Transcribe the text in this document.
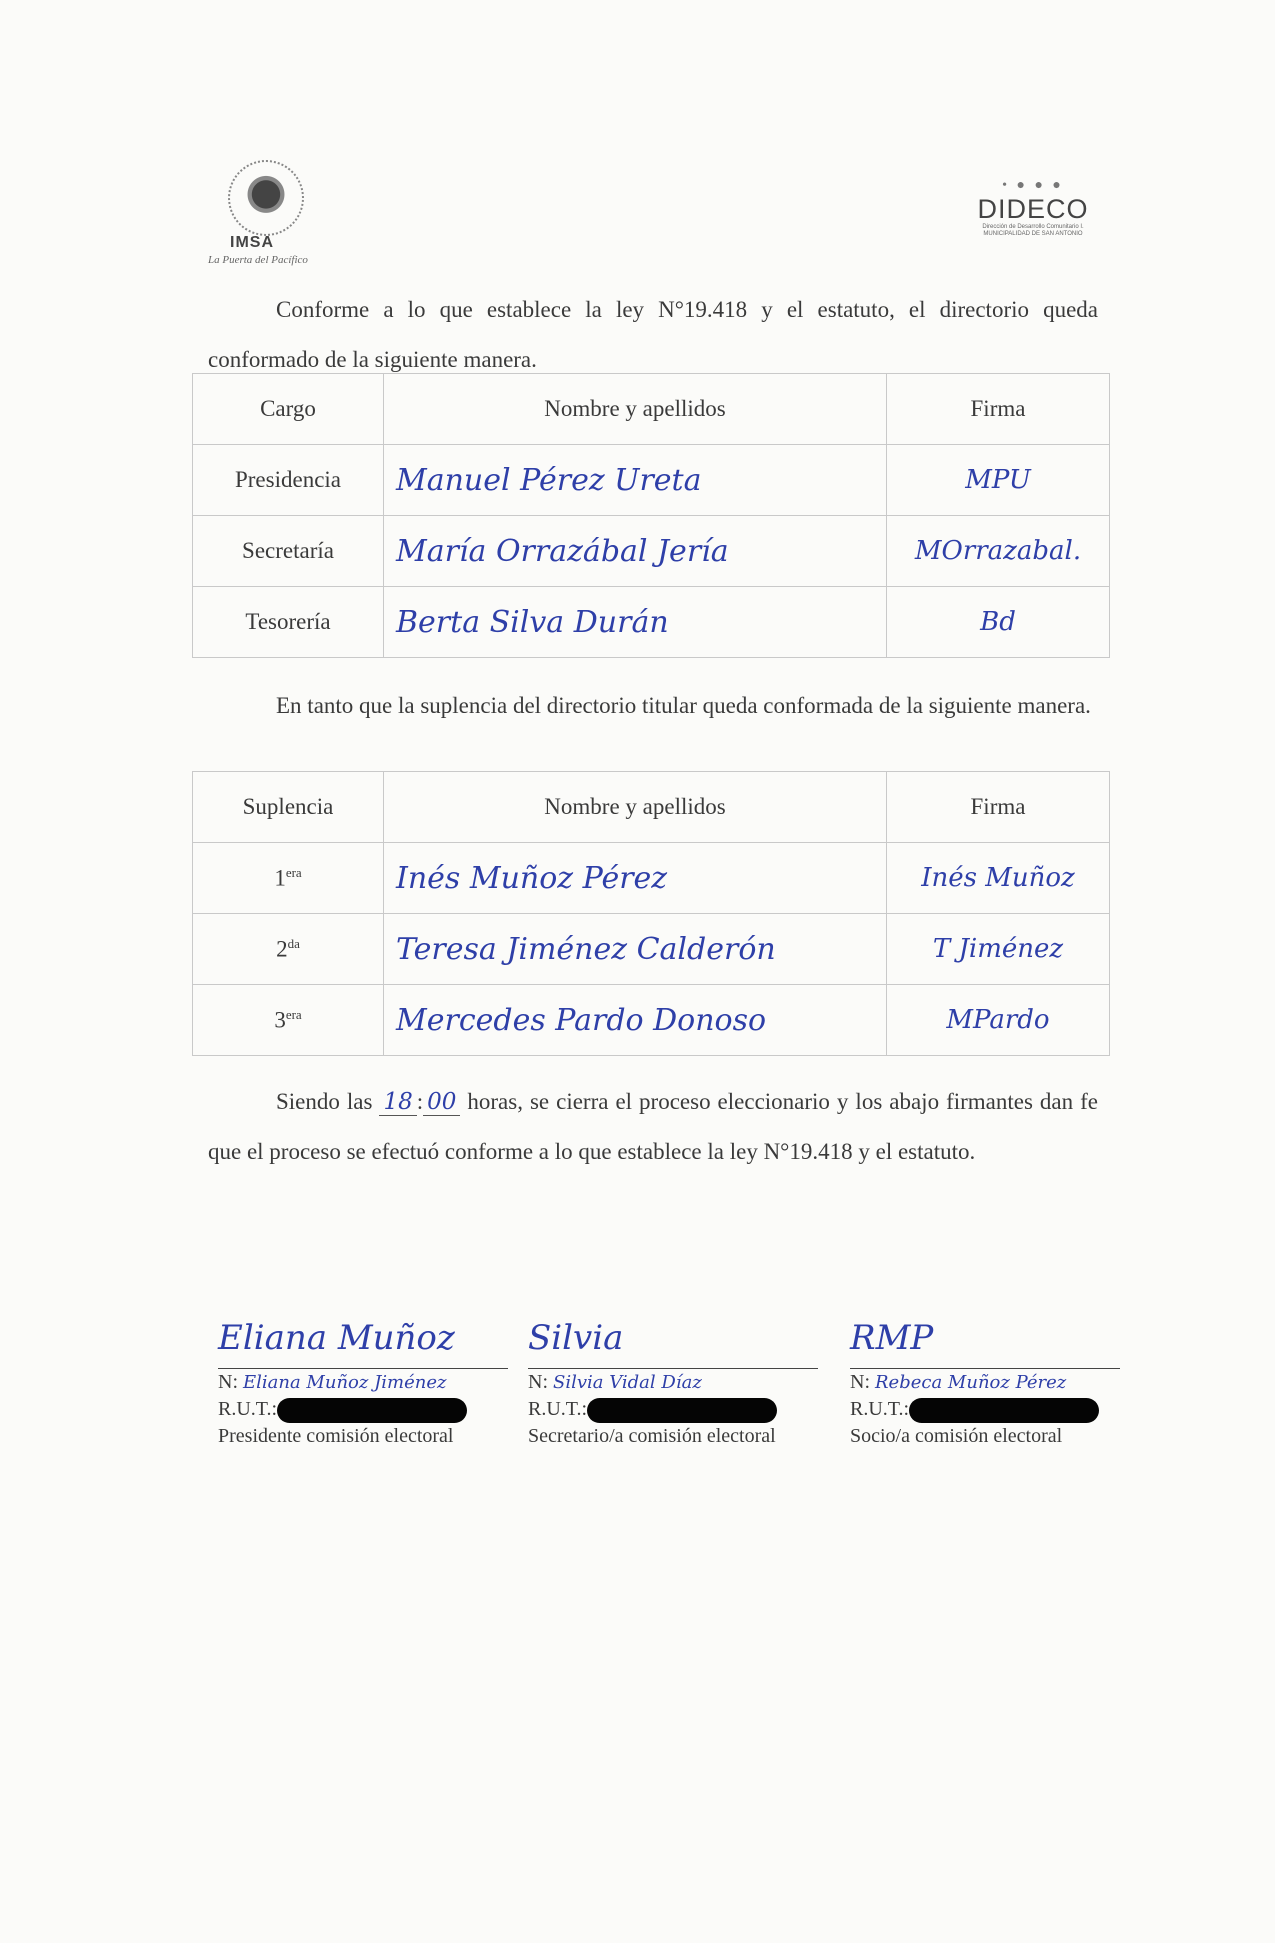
IMSA
La Puerta del Pacífico
• ● ● ●
DIDECO
Dirección de Desarrollo Comunitario I. MUNICIPALIDAD DE SAN ANTONIO

Conforme a lo que establece la ley N°19.418 y el estatuto, el directorio queda conformado de la siguiente manera.

Cargo	Nombre y apellidos	Firma
Presidencia	Manuel Pérez Ureta	MPU
Secretaría	María Orrazábal Jería	MOrrazabal.
Tesorería	Berta Silva Durán	Bd

En tanto que la suplencia del directorio titular queda conformada de la siguiente manera.

Suplencia	Nombre y apellidos	Firma
$1^{era}$	Inés Muñoz Pérez	Inés Muñoz
$2^{da}$	Teresa Jiménez Calderón	T Jiménez
$3^{era}$	Mercedes Pardo Donoso	MPardo

Siendo las 18 : 00 horas, se cierra el proceso eleccionario y los abajo firmantes dan fe que el proceso se efectuó conforme a lo que establece la ley N°19.418 y el estatuto.

Eliana Muñoz
N: Eliana Muñoz Jiménez
R.U.T.:
Presidente comisión electoral
Silvia
N: Silvia Vidal Díaz
R.U.T.:
Secretario/a comisión electoral
RMP
N: Rebeca Muñoz Pérez
R.U.T.:
Socio/a comisión electoral
